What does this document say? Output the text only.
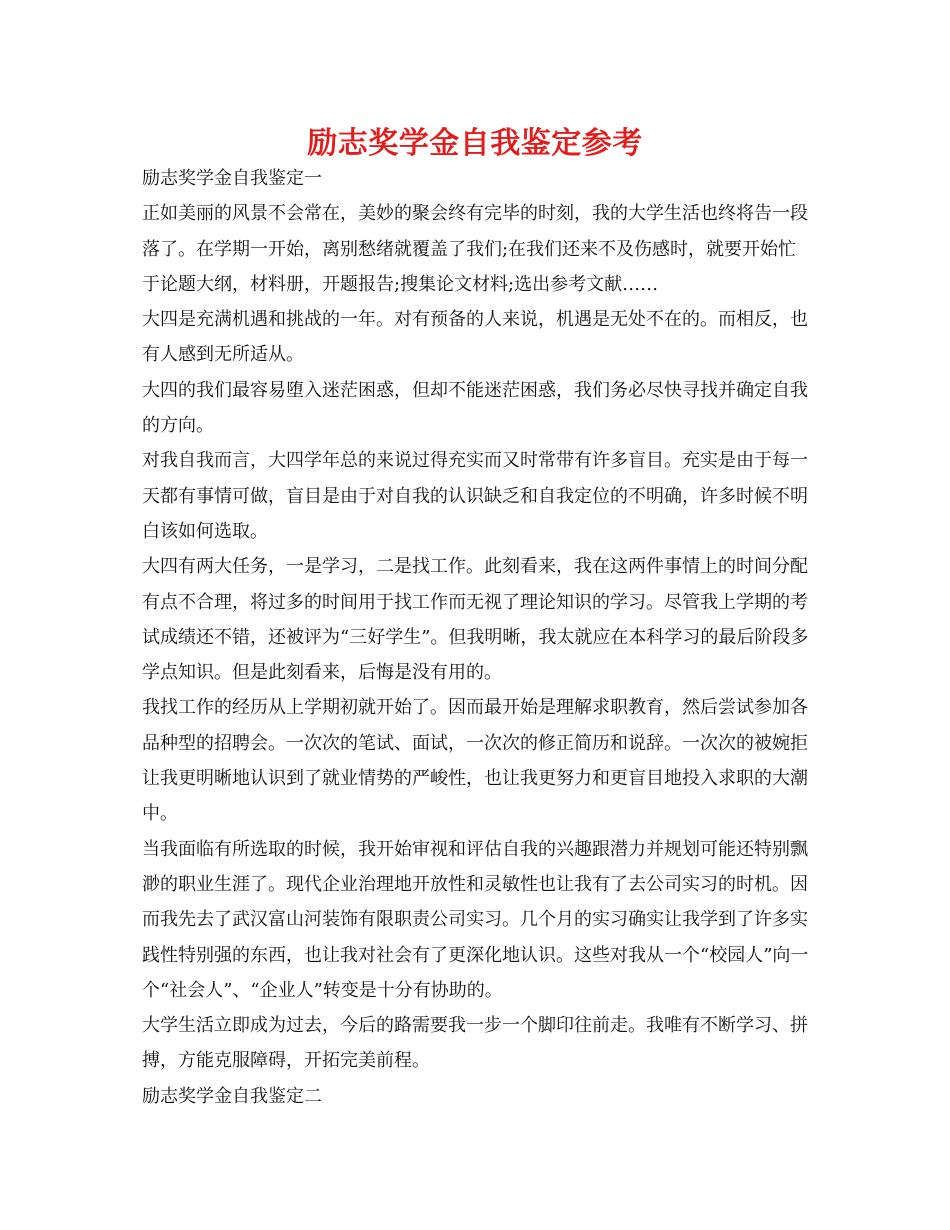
励志奖学金自我鉴定参考

励志奖学金自我鉴定一

正如美丽的风景不会常在，美妙的聚会终有完毕的时刻，我的大学生活也终将告一段落了。在学期一开始，离别愁绪就覆盖了我们;在我们还来不及伤感时，就要开始忙于论题大纲，材料册，开题报告;搜集论文材料;选出参考文献……

大四是充满机遇和挑战的一年。对有预备的人来说，机遇是无处不在的。而相反，也有人感到无所适从。

大四的我们最容易堕入迷茫困惑，但却不能迷茫困惑，我们务必尽快寻找并确定自我的方向。

对我自我而言，大四学年总的来说过得充实而又时常带有许多盲目。充实是由于每一天都有事情可做，盲目是由于对自我的认识缺乏和自我定位的不明确，许多时候不明白该如何选取。

大四有两大任务，一是学习，二是找工作。此刻看来，我在这两件事情上的时间分配有点不合理，将过多的时间用于找工作而无视了理论知识的学习。尽管我上学期的考试成绩还不错，还被评为“三好学生”。但我明晰，我太就应在本科学习的最后阶段多学点知识。但是此刻看来，后悔是没有用的。

我找工作的经历从上学期初就开始了。因而最开始是理解求职教育，然后尝试参加各品种型的招聘会。一次次的笔试、面试，一次次的修正简历和说辞。一次次的被婉拒让我更明晰地认识到了就业情势的严峻性，也让我更努力和更盲目地投入求职的大潮中。

当我面临有所选取的时候，我开始审视和评估自我的兴趣跟潜力并规划可能还特别飘渺的职业生涯了。现代企业治理地开放性和灵敏性也让我有了去公司实习的时机。因而我先去了武汉富山河装饰有限职责公司实习。几个月的实习确实让我学到了许多实践性特别强的东西，也让我对社会有了更深化地认识。这些对我从一个“校园人”向一个“社会人”、“企业人”转变是十分有协助的。

大学生活立即成为过去，今后的路需要我一步一个脚印往前走。我唯有不断学习、拼搏，方能克服障碍，开拓完美前程。

励志奖学金自我鉴定二
